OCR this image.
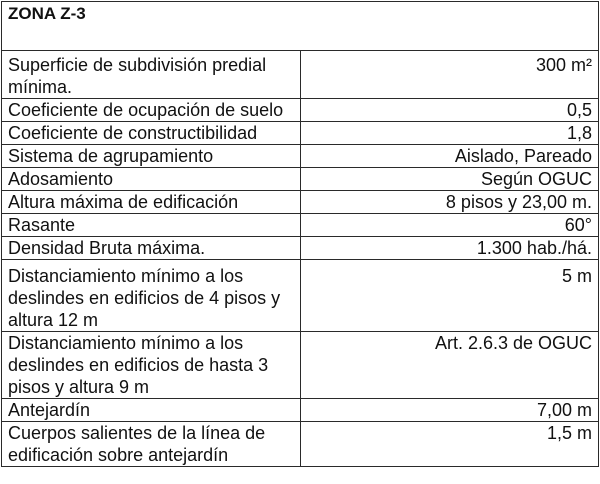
ZONA Z-3	
Superficie de subdivisión predial mínima.	300 m²
Coeficiente de ocupación de suelo	0,5
Coeficiente de constructibilidad	1,8
Sistema de agrupamiento	Aislado, Pareado
Adosamiento	Según OGUC
Altura máxima de edificación	8 pisos y 23,00 m.
Rasante	60°
Densidad Bruta máxima.	1.300 hab./há.
Distanciamiento mínimo a los deslindes en edificios de 4 pisos y altura 12 m	5 m
Distanciamiento mínimo a los deslindes en edificios de hasta 3 pisos y altura 9 m	Art. 2.6.3 de OGUC
Antejardín	7,00 m
Cuerpos salientes de la línea de edificación sobre antejardín	1,5 m
